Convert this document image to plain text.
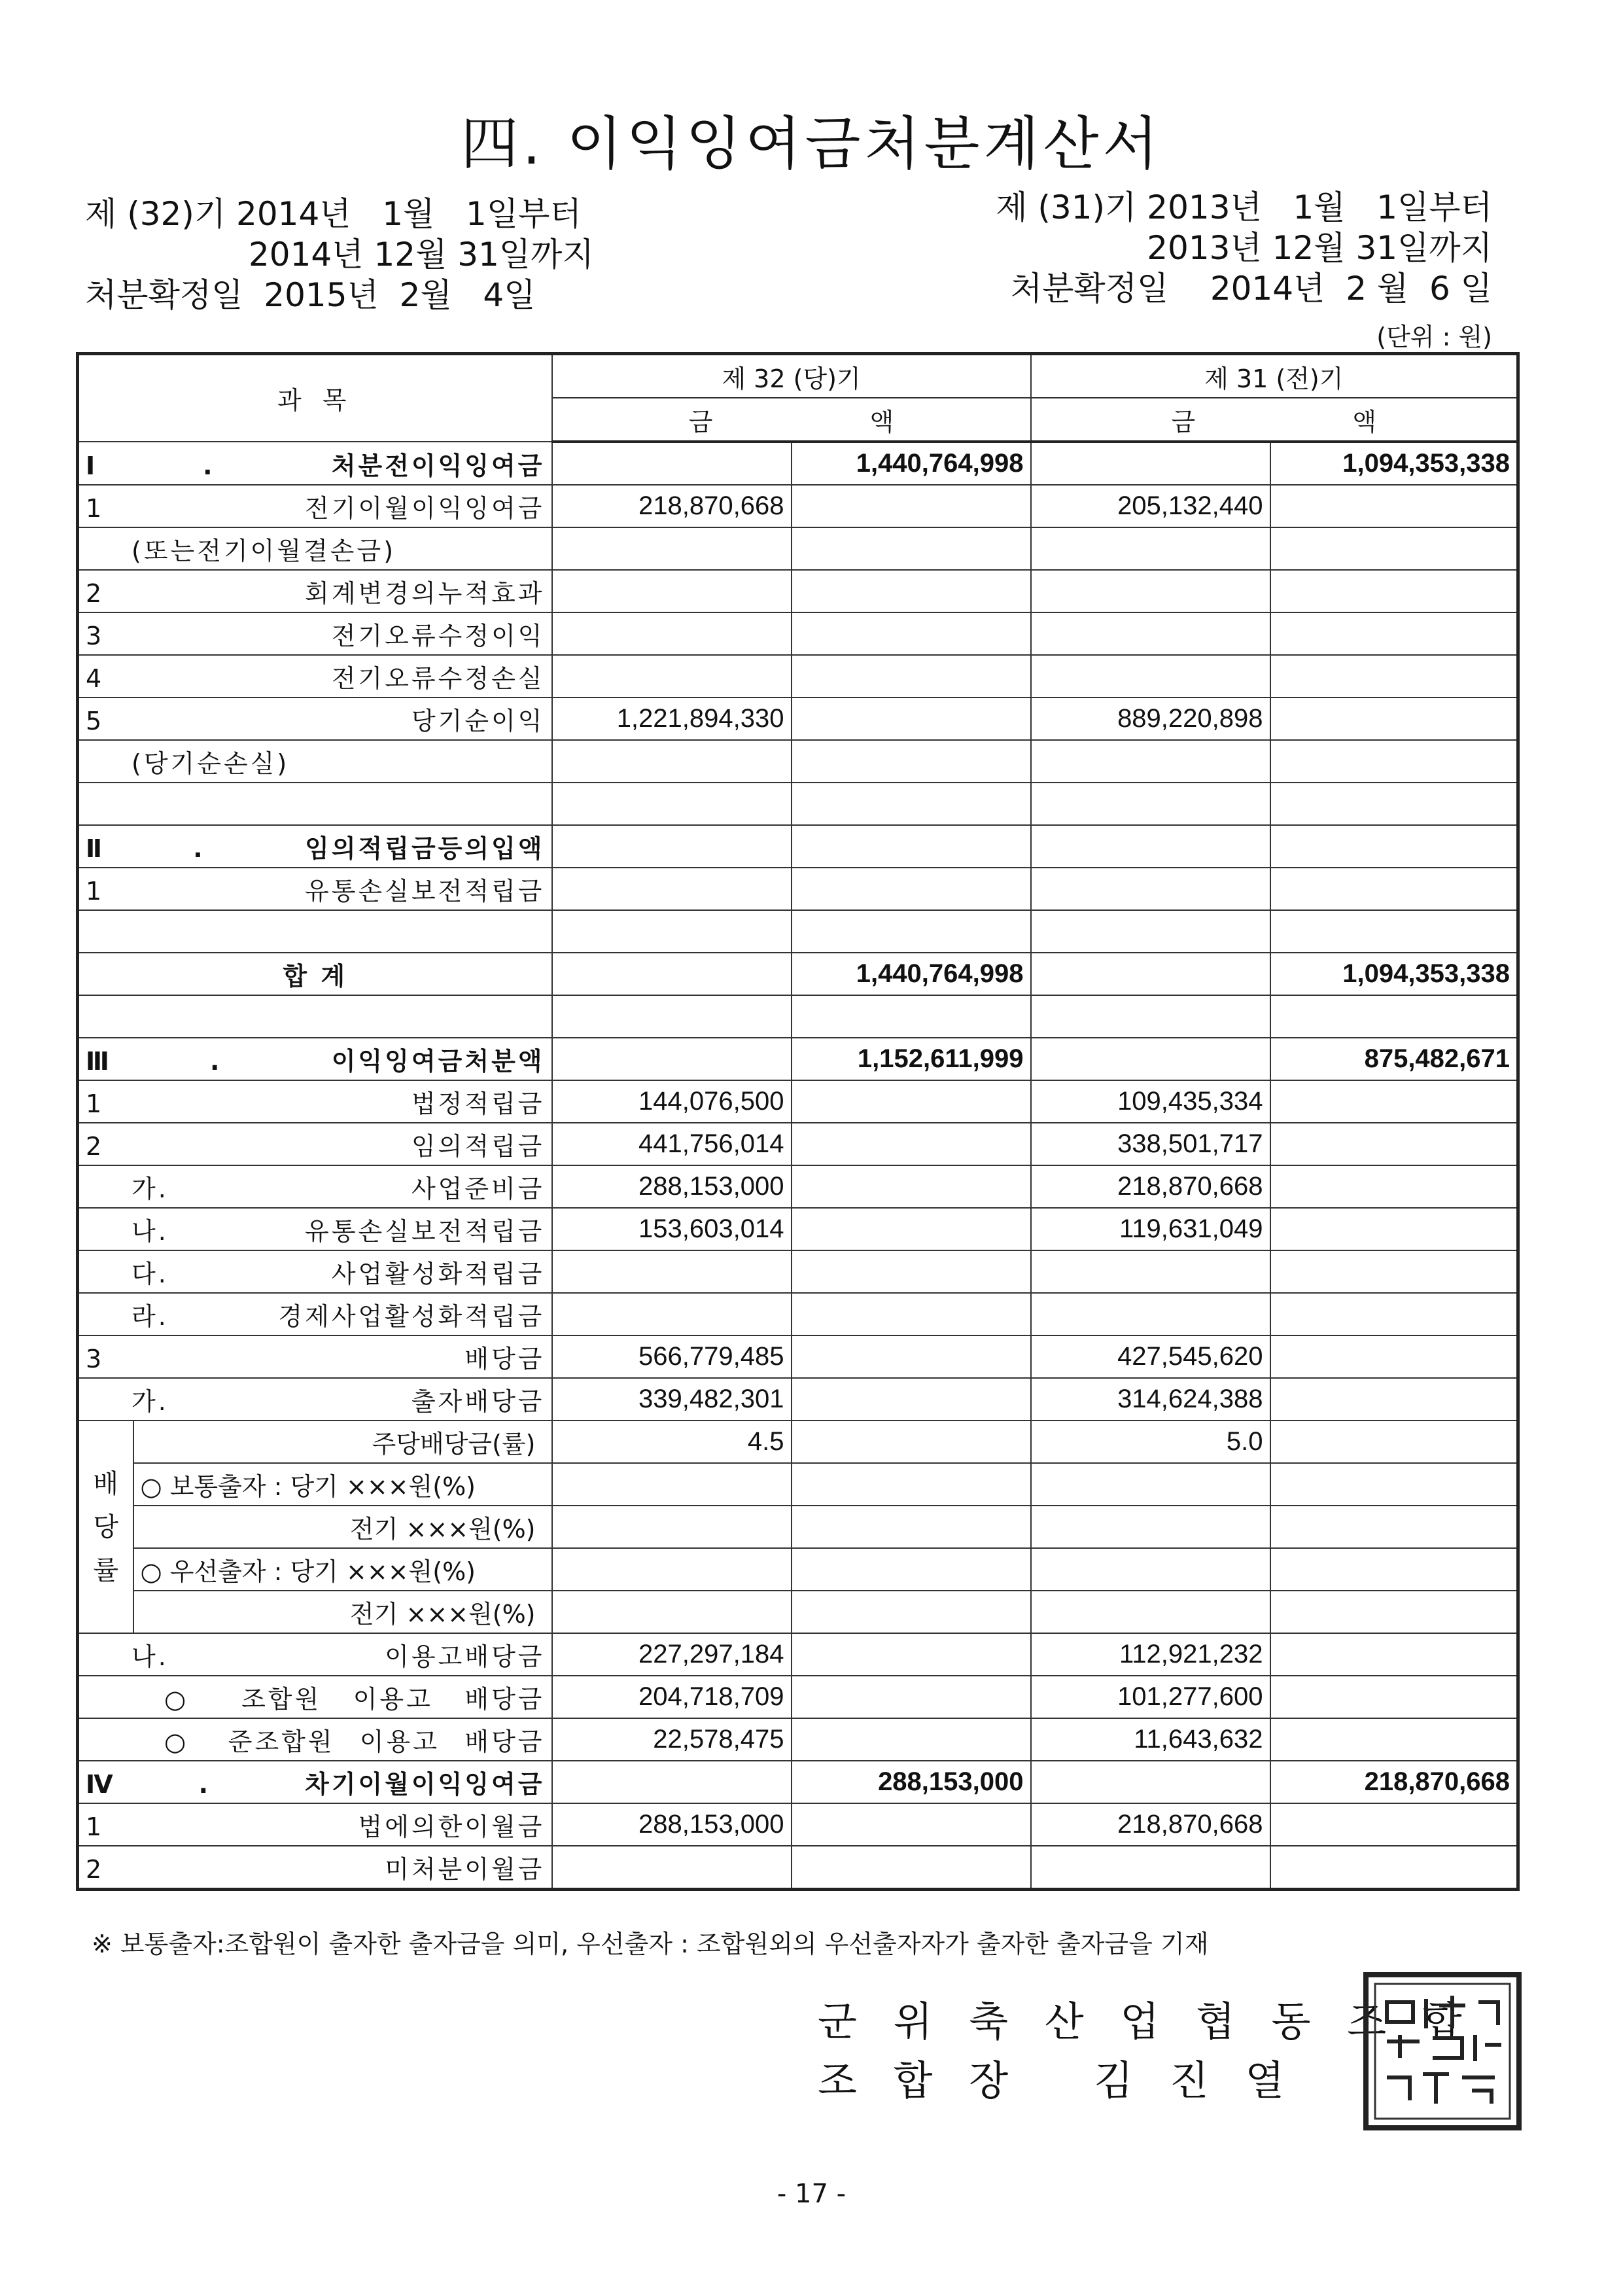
四. 이익잉여금처분계산서
제 (32)기 2014년   1월   1일부터
2014년 12월 31일까지
처분확정일  2015년  2월   4일
제 (31)기 2013년   1월   1일부터
2013년 12월 31일까지
처분확정일    2014년  2 월  6 일
(단위 : 원)
과 목		제 32 (당)기		제 31 (전)기	
		금 액		금 액	
Ⅰ. 처분전이익잉여금			1,440,764,998		1,094,353,338
1 전기이월이익잉여금		218,870,668		205,132,440	
(또는전기이월결손금)					
2 회계변경의누적효과					
3 전기오류수정이익					
4 전기오류수정손실					
5 당기순이익		1,221,894,330		889,220,898	
(당기순손실)					

Ⅱ. 임의적립금등의입액					
1 유통손실보전적립금					

합 계			1,440,764,998		1,094,353,338

Ⅲ. 이익잉여금처분액			1,152,611,999		875,482,671
1 법정적립금		144,076,500		109,435,334	
2 임의적립금		441,756,014		338,501,717	
가. 사업준비금		288,153,000		218,870,668	
나. 유통손실보전적립금		153,603,014		119,631,049	
다. 사업활성화적립금					
라. 경제사업활성화적립금					
3 배당금		566,779,485		427,545,620	
가. 출자배당금		339,482,301		314,624,388	
배
당
률	주당배당금(률)	4.5		5.0	
	○ 보통출자 : 당기 ×××원(%)				
	전기 ×××원(%)				
	○ 우선출자 : 당기 ×××원(%)				
	전기 ×××원(%)				
나. 이용고배당금		227,297,184		112,921,232	
○ 조합원 이용고 배당금		204,718,709		101,277,600	
○ 준조합원 이용고 배당금		22,578,475		11,643,632	
Ⅳ. 차기이월이익잉여금			288,153,000		218,870,668
1 법에의한이월금		288,153,000		218,870,668	
2 미처분이월금					
※ 보통출자:조합원이 출자한 출자금을 의미, 우선출자 : 조합원외의 우선출자자가 출자한 출자금을 기재
군 위 축 산 업 협 동 조 합
조 합 장   김 진 열
- 17 -
